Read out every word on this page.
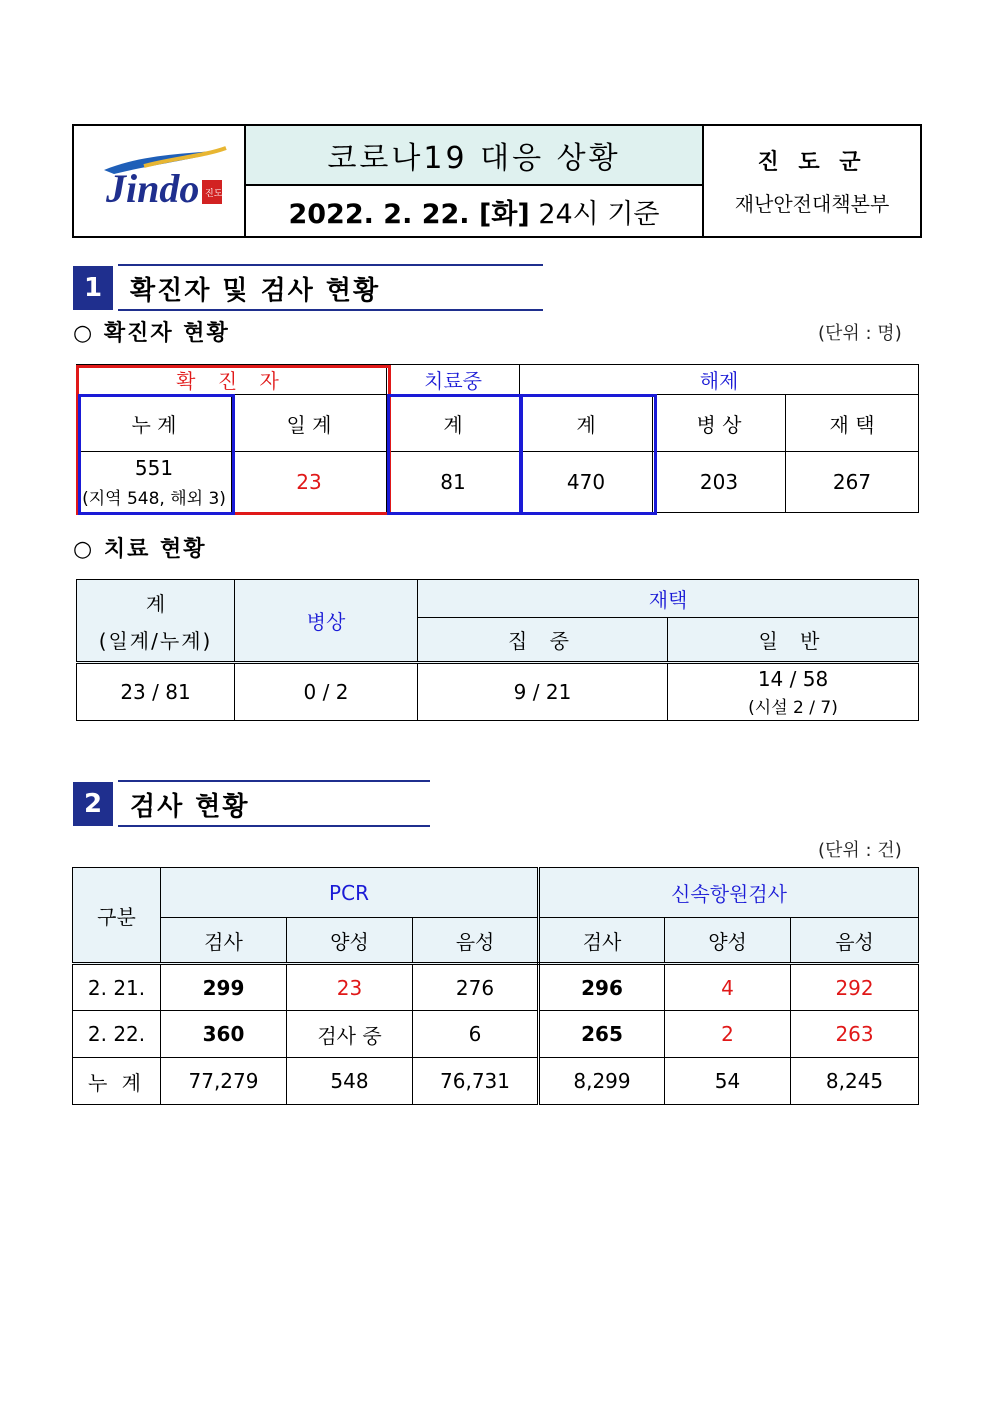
Jindo 진도
	코로나19 대응 상황	진 도 군
재난안전대책본부

2022. 2. 22. [화] 24시 기준
1	확진자 및 검사 현황
○ 확진자 현황	(단위 : 명)
확 진 자		치료중	해제		
누 계	일 계	계	계	병 상	재 택

551
(지역 548, 해외 3)	23	81	470	203	267
○ 치료 현황
계
(일계/누계)	병상	재택	
		집 중	일 반
23 / 81	0 / 2	9 / 21	14 / 58
(시설 2 / 7)
2	검사 현황
(단위 : 건)
구분	PCR			신속항원검사		
	검사	양성	음성	검사	양성	음성
2. 21.	299	23	276	296	4	292
2. 22.	360	검사 중	6	265	2	263
누 계	77,279	548	76,731	8,299	54	8,245
